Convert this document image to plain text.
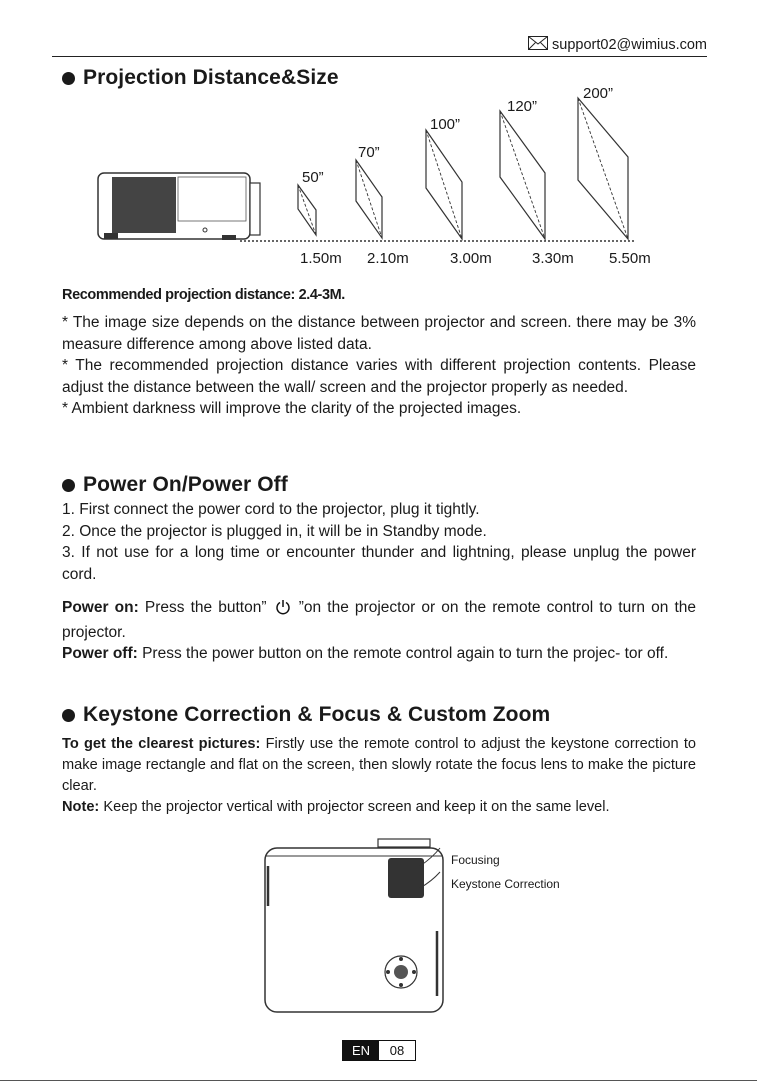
support02@wimius.com
Projection Distance&Size
50”
70”
100”
120”
200”
1.50m 2.10m	3.00m	3.30m 5.50m
Recommended projection distance: 2.4-3M.

* The image size depends on the distance between projector and screen. there may be 3% measure difference among above listed data.

* The recommended projection distance varies with different projection contents. Please adjust the distance between the wall/ screen and the projector properly as needed.

* Ambient darkness will improve the clarity of the projected images.

Power On/Power Off

1. First connect the power cord to the projector, plug it tightly.

2. Once the projector is plugged in, it will be in Standby mode.

3. If not use for a long time or encounter thunder and lightning, please unplug the power cord.

Power on: Press the button”  ”on the projector or on the remote control to turn on the projector.

Power off: Press the power button on the remote control again to turn the projec- tor off.

Keystone Correction & Focus & Custom Zoom

To get the clearest pictures: Firstly use the remote control to adjust the keystone correction to make image rectangle and flat on the screen, then slowly rotate the focus lens to make the picture clear.

Note: Keep the projector vertical with projector screen and keep it on the same level.

Focusing
Keystone Correction
EN	08
